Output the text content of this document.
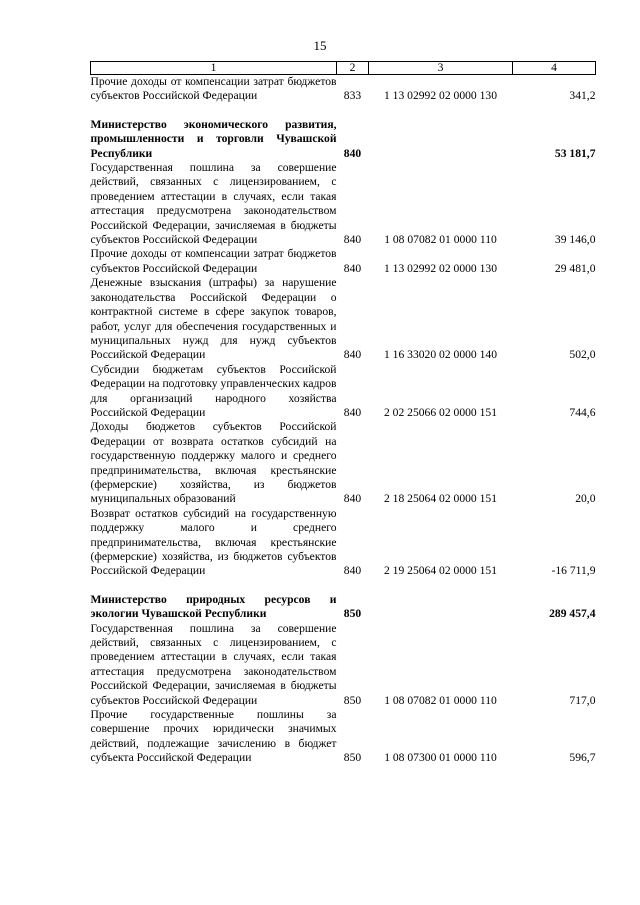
15
1	2	3	4
Прочие доходы от компенсации затрат бюджетов субъектов Российской Федерации	833	1 13 02992 02 0000 130	341,2

Министерство экономического развития, промышленности и торговли Чувашской Республики	840		53 181,7
Государственная пошлина за совершение действий, связанных с лицензированием, с проведением аттестации в случаях, если такая аттестация предусмотрена законодательством Российской Федерации, зачисляемая в бюджеты субъектов Российской Федерации	840	1 08 07082 01 0000 110	39 146,0
Прочие доходы от компенсации затрат бюджетов субъектов Российской Федерации	840	1 13 02992 02 0000 130	29 481,0
Денежные взыскания (штрафы) за нарушение законодательства Российской Федерации о контрактной системе в сфере закупок товаров, работ, услуг для обеспечения государственных и муниципальных нужд для нужд субъектов Российской Федерации	840	1 16 33020 02 0000 140	502,0
Субсидии бюджетам субъектов Российской Федерации на подготовку управленческих кадров для организаций народного хозяйства Российской Федерации	840	2 02 25066 02 0000 151	744,6
Доходы бюджетов субъектов Российской Федерации от возврата остатков субсидий на государственную поддержку малого и среднего предпринимательства, включая крестьянские (фермерские) хозяйства, из бюджетов муниципальных образований	840	2 18 25064 02 0000 151	20,0
Возврат остатков субсидий на государственную поддержку малого и среднего предпринимательства, включая крестьянские (фермерские) хозяйства, из бюджетов субъектов Российской Федерации	840	2 19 25064 02 0000 151	-16 711,9

Министерство природных ресурсов и экологии Чувашской Республики	850		289 457,4
Государственная пошлина за совершение действий, связанных с лицензированием, с проведением аттестации в случаях, если такая аттестация предусмотрена законодательством Российской Федерации, зачисляемая в бюджеты субъектов Российской Федерации	850	1 08 07082 01 0000 110	717,0
Прочие государственные пошлины за совершение прочих юридически значимых действий, подлежащие зачислению в бюджет субъекта Российской Федерации	850	1 08 07300 01 0000 110	596,7
